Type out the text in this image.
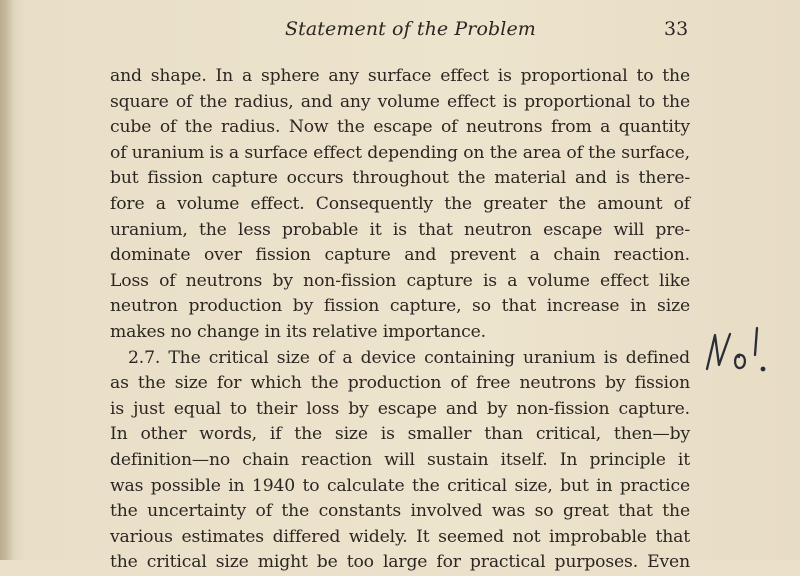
Statement of the Problem	33
and shape. In a sphere any surface effect is proportional to the
square of the radius, and any volume effect is proportional to the
cube of the radius. Now the escape of neutrons from a quantity
of uranium is a surface effect depending on the area of the surface,
but fission capture occurs throughout the material and is there-
fore a volume effect. Consequently the greater the amount of
uranium, the less probable it is that neutron escape will pre-
dominate over fission capture and prevent a chain reaction.
Loss of neutrons by non-fission capture is a volume effect like
neutron production by fission capture, so that increase in size
makes no change in its relative importance.
2.7. The critical size of a device containing uranium is defined
as the size for which the production of free neutrons by fission
is just equal to their loss by escape and by non-fission capture.
In other words, if the size is smaller than critical, then—by
definition—no chain reaction will sustain itself. In principle it
was possible in 1940 to calculate the critical size, but in practice
the uncertainty of the constants involved was so great that the
various estimates differed widely. It seemed not improbable that
the critical size might be too large for practical purposes. Even
